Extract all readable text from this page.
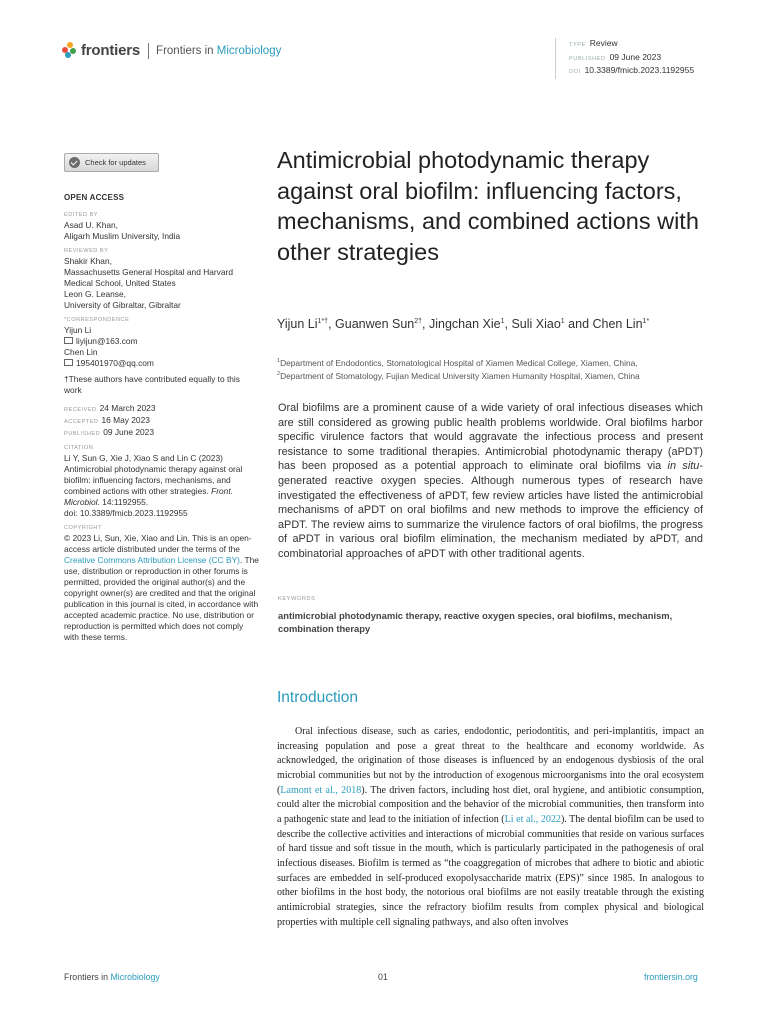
frontiers Frontiers in Microbiology	TYPE Review
PUBLISHED 09 June 2023
DOI 10.3389/fmicb.2023.1192955
Check for updates
OPEN ACCESS
EDITED BY
Asad U. Khan,
Aligarh Muslim University, India
REVIEWED BY
Shakir Khan,
Massachusetts General Hospital and Harvard Medical School, United States
Leon G. Leanse,
University of Gibraltar, Gibraltar
*CORRESPONDENCE
Yijun Li
liyijun@163.com
Chen Lin
195401970@qq.com
†These authors have contributed equally to this work
RECEIVED 24 March 2023
ACCEPTED 16 May 2023
PUBLISHED 09 June 2023
CITATION
Li Y, Sun G, Xie J, Xiao S and Lin C (2023) Antimicrobial photodynamic therapy against oral biofilm: influencing factors, mechanisms, and combined actions with other strategies. Front. Microbiol. 14:1192955.
doi: 10.3389/fmicb.2023.1192955
COPYRIGHT
© 2023 Li, Sun, Xie, Xiao and Lin. This is an open-access article distributed under the terms of the Creative Commons Attribution License (CC BY). The use, distribution or reproduction in other forums is permitted, provided the original author(s) and the copyright owner(s) are credited and that the original publication in this journal is cited, in accordance with accepted academic practice. No use, distribution or reproduction is permitted which does not comply with these terms.
Antimicrobial photodynamic therapy against oral biofilm: influencing factors, mechanisms, and combined actions with other strategies
Yijun $Li^{1*\dagger}$, Guanwen Sun$^{2\dagger}$, Jingchan Xie$^1$, Suli Xiao$^1$ and Chen Lin$^{1*}$
$^1$Department of Endodontics, Stomatological Hospital of Xiamen Medical College, Xiamen, China,
$^2$Department of Stomatology, Fujian Medical University Xiamen Humanity Hospital, Xiamen, China
Oral biofilms are a prominent cause of a wide variety of oral infectious diseases which are still considered as growing public health problems worldwide. Oral biofilms harbor specific virulence factors that would aggravate the infectious process and present resistance to some traditional therapies. Antimicrobial photodynamic therapy (aPDT) has been proposed as a potential approach to eliminate oral biofilms via in situ-generated reactive oxygen species. Although numerous types of research have investigated the effectiveness of aPDT, few review articles have listed the antimicrobial mechanisms of aPDT on oral biofilms and new methods to improve the efficiency of aPDT. The review aims to summarize the virulence factors of oral biofilms, the progress of aPDT in various oral biofilm elimination, the mechanism mediated by aPDT, and combinatorial approaches of aPDT with other traditional agents.
KEYWORDS
antimicrobial photodynamic therapy, reactive oxygen species, oral biofilms, mechanism, combination therapy
Introduction
Oral infectious disease, such as caries, endodontic, periodontitis, and peri-implantitis, impact an increasing population and pose a great threat to the healthcare and economy worldwide. As acknowledged, the origination of those diseases is influenced by an endogenous dysbiosis of the oral microbial communities but not by the introduction of exogenous microorganisms into the oral ecosystem (Lamont et al., 2018). The driven factors, including host diet, oral hygiene, and antibiotic consumption, could alter the microbial composition and the behavior of the microbial communities, then transform into a pathogenic state and lead to the initiation of infection (Li et al., 2022). The dental biofilm can be used to describe the collective activities and interactions of microbial communities that reside on various surfaces of hard tissue and soft tissue in the mouth, which is particularly participated in the pathogenesis of oral infectious diseases. Biofilm is termed as “the coaggregation of microbes that adhere to biotic and abiotic surfaces are embedded in self-produced exopolysaccharide matrix (EPS)” since 1985. In analogous to other biofilms in the host body, the notorious oral biofilms are not easily treatable through the existing antimicrobial strategies, since the refractory biofilm results from complex physical and biological properties with multiple cell signaling pathways, and also often involves
Frontiers in Microbiology	01	frontiersin.org
